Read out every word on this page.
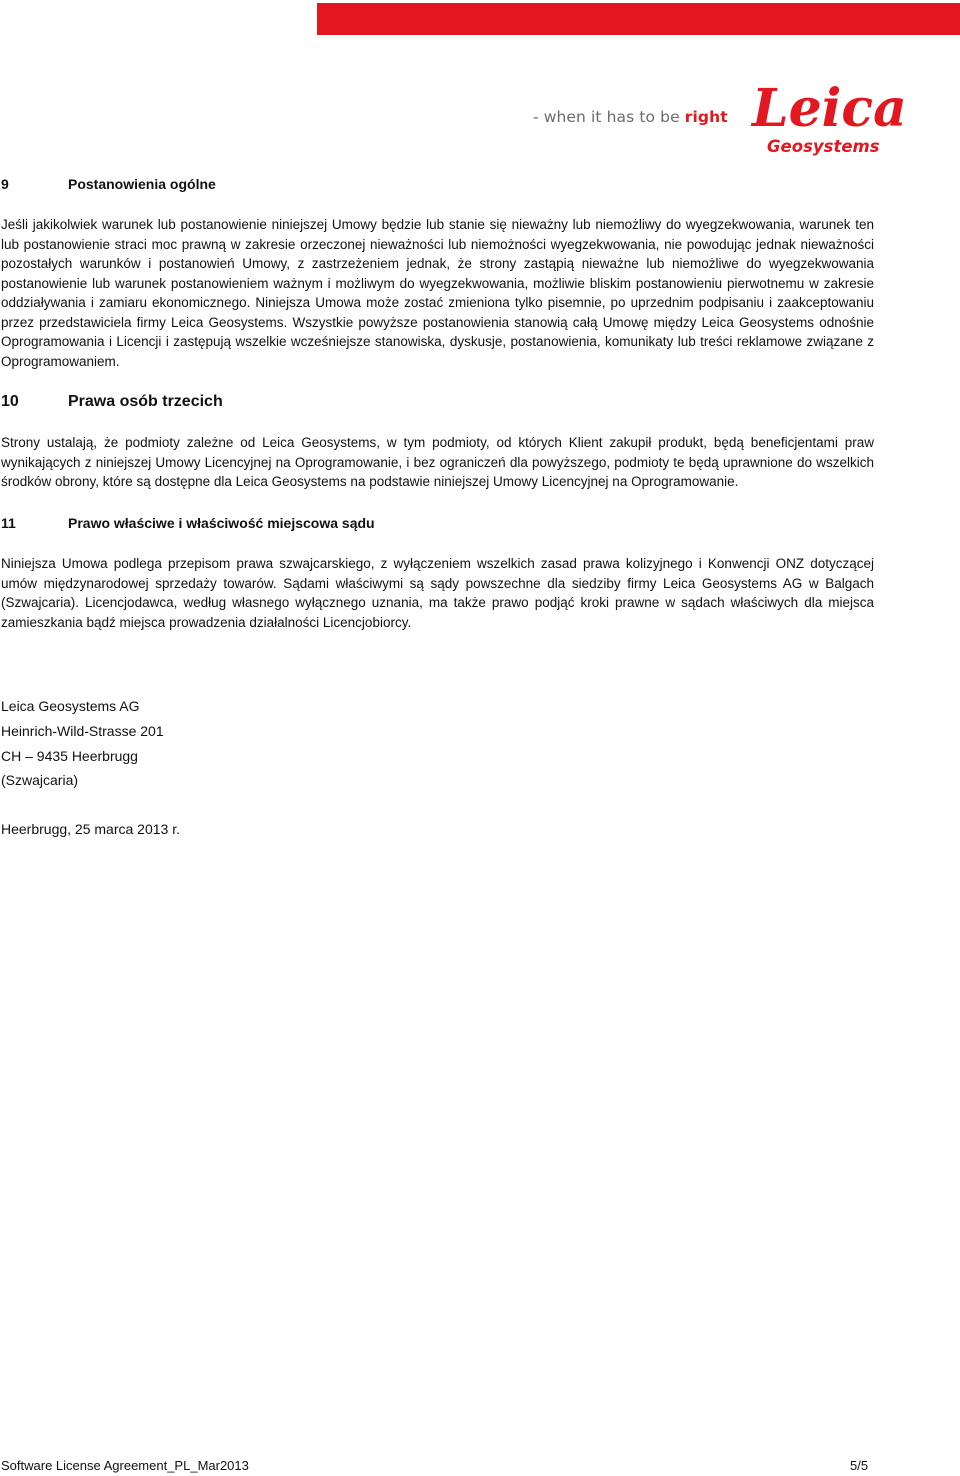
- when it has to be right Leica
Geosystems
9	Postanowienia ogólne

Jeśli jakikolwiek warunek lub postanowienie niniejszej Umowy będzie lub stanie się nieważny lub niemożliwy do wyegzekwowania, warunek ten lub postanowienie straci moc prawną w zakresie orzeczonej nieważności lub niemożności wyegzekwowania, nie powodując jednak nieważności pozostałych warunków i postanowień Umowy, z zastrzeżeniem jednak, że strony zastąpią nieważne lub niemożliwe do wyegzekwowania postanowienie lub warunek postanowieniem ważnym i możliwym do wyegzekwowania, możliwie bliskim postanowieniu pierwotnemu w zakresie oddziaływania i zamiaru ekonomicznego. Niniejsza Umowa może zostać zmieniona tylko pisemnie, po uprzednim podpisaniu i zaakceptowaniu przez przedstawiciela firmy Leica Geosystems. Wszystkie powyższe postanowienia stanowią całą Umowę między Leica Geosystems odnośnie Oprogramowania i Licencji i zastępują wszelkie wcześniejsze stanowiska, dyskusje, postanowienia, komunikaty lub treści reklamowe związane z Oprogramowaniem.

10	Prawa osób trzecich

Strony ustalają, że podmioty zależne od Leica Geosystems, w tym podmioty, od których Klient zakupił produkt, będą beneficjentami praw wynikających z niniejszej Umowy Licencyjnej na Oprogramowanie, i bez ograniczeń dla powyższego, podmioty te będą uprawnione do wszelkich środków obrony, które są dostępne dla Leica Geosystems na podstawie niniejszej Umowy Licencyjnej na Oprogramowanie.

11	Prawo właściwe i właściwość miejscowa sądu

Niniejsza Umowa podlega przepisom prawa szwajcarskiego, z wyłączeniem wszelkich zasad prawa kolizyjnego i Konwencji ONZ dotyczącej umów międzynarodowej sprzedaży towarów. Sądami właściwymi są sądy powszechne dla siedziby firmy Leica Geosystems AG w Balgach (Szwajcaria). Licencjodawca, według własnego wyłącznego uznania, ma także prawo podjąć kroki prawne w sądach właściwych dla miejsca zamieszkania bądź miejsca prowadzenia działalności Licencjobiorcy.

Leica Geosystems AG
Heinrich-Wild-Strasse 201
CH – 9435 Heerbrugg
(Szwajcaria)
Heerbrugg, 25 marca 2013 r.
Software License Agreement_PL_Mar2013	5/5
